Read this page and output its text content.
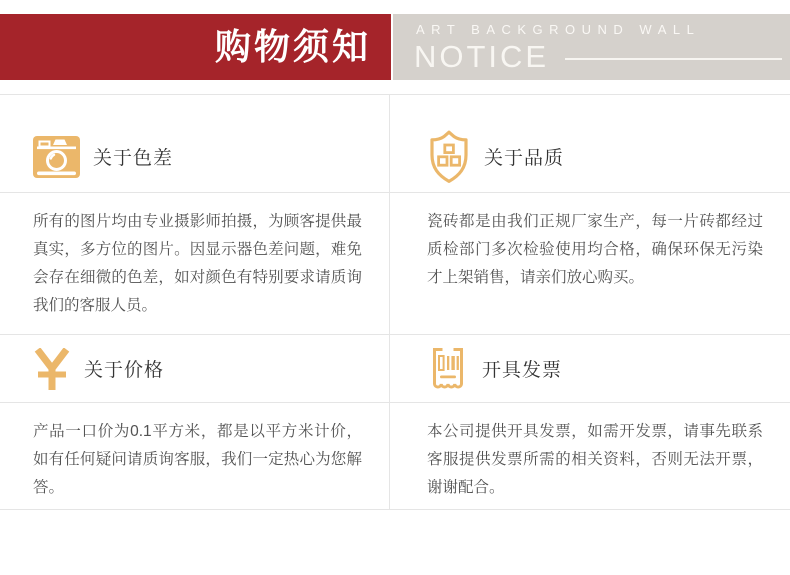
购物须知	ART BACKGROUND WALL
NOTICE
关于色差	关于品质

所有的图片均由专业摄影师拍摄，为顾客提供最真实，多方位的图片。因显示器色差问题，难免会存在细微的色差，如对颜色有特别要求请质询我们的客服人员。

瓷砖都是由我们正规厂家生产，每一片砖都经过质检部门多次检验使用均合格，确保环保无污染才上架销售，请亲们放心购买。

关于价格	开具发票

产品一口价为0.1平方米，都是以平方米计价，如有任何疑问请质询客服，我们一定热心为您解答。

本公司提供开具发票，如需开发票，请事先联系客服提供发票所需的相关资料，否则无法开票，谢谢配合。
